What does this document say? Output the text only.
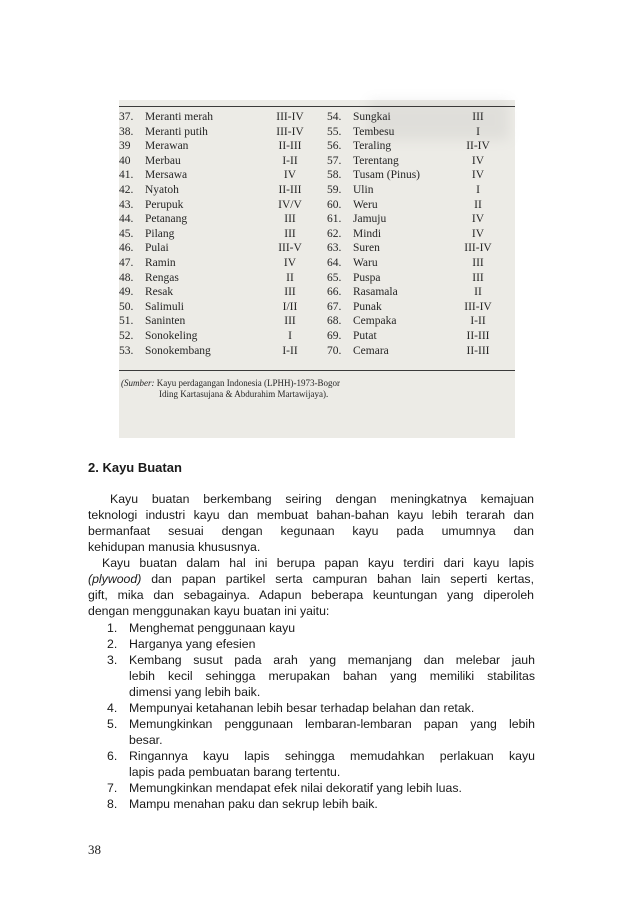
37. Meranti merah
38. Meranti putih
39 Merawan
40 Merbau
41. Mersawa
42. Nyatoh
43. Perupuk
44. Petanang
45. Pilang
46. Pulai
47. Ramin
48. Rengas
49. Resak
50. Salimuli
51. Saninten
52. Sonokeling
53. Sonokembang
III-IV
III-IV
II-III
I-II
IV
II-III
IV/V
III
III
III-V
IV
II
III
I/II
III
I
I-II
54. Sungkai
55. Tembesu
56. Teraling
57. Terentang
58. Tusam (Pinus)
59. Ulin
60. Weru
61. Jamuju
62. Mindi
63. Suren
64. Waru
65. Puspa
66. Rasamala
67. Punak
68. Cempaka
69. Putat
70. Cemara
III
I
II-IV
IV
IV
I
II
IV
IV
III-IV
III
III
II
III-IV
I-II
II-III
II-III
(Sumber: Kayu perdagangan Indonesia (LPHH)-1973-Bogor
Iding Kartasujana & Abdurahim Martawijaya).
2. Kayu Buatan
Kayu buatan berkembang seiring dengan meningkatnya kemajuan
teknologi industri kayu dan membuat bahan-bahan kayu lebih terarah dan
bermanfaat sesuai dengan kegunaan kayu pada umumnya dan
kehidupan manusia khususnya.
Kayu buatan dalam hal ini berupa papan kayu terdiri dari kayu lapis
(plywood) dan papan partikel serta campuran bahan lain seperti kertas,
gift, mika dan sebagainya. Adapun beberapa keuntungan yang diperoleh
dengan menggunakan kayu buatan ini yaitu:
1. Menghemat penggunaan kayu
2. Harganya yang efesien
3. Kembang susut pada arah yang memanjang dan melebar jauh
lebih kecil sehingga merupakan bahan yang memiliki stabilitas
dimensi yang lebih baik.
4. Mempunyai ketahanan lebih besar terhadap belahan dan retak.
5. Memungkinkan penggunaan lembaran-lembaran papan yang lebih
besar.
6. Ringannya kayu lapis sehingga memudahkan perlakuan kayu
lapis pada pembuatan barang tertentu.
7. Memungkinkan mendapat efek nilai dekoratif yang lebih luas.
8. Mampu menahan paku dan sekrup lebih baik.
38
